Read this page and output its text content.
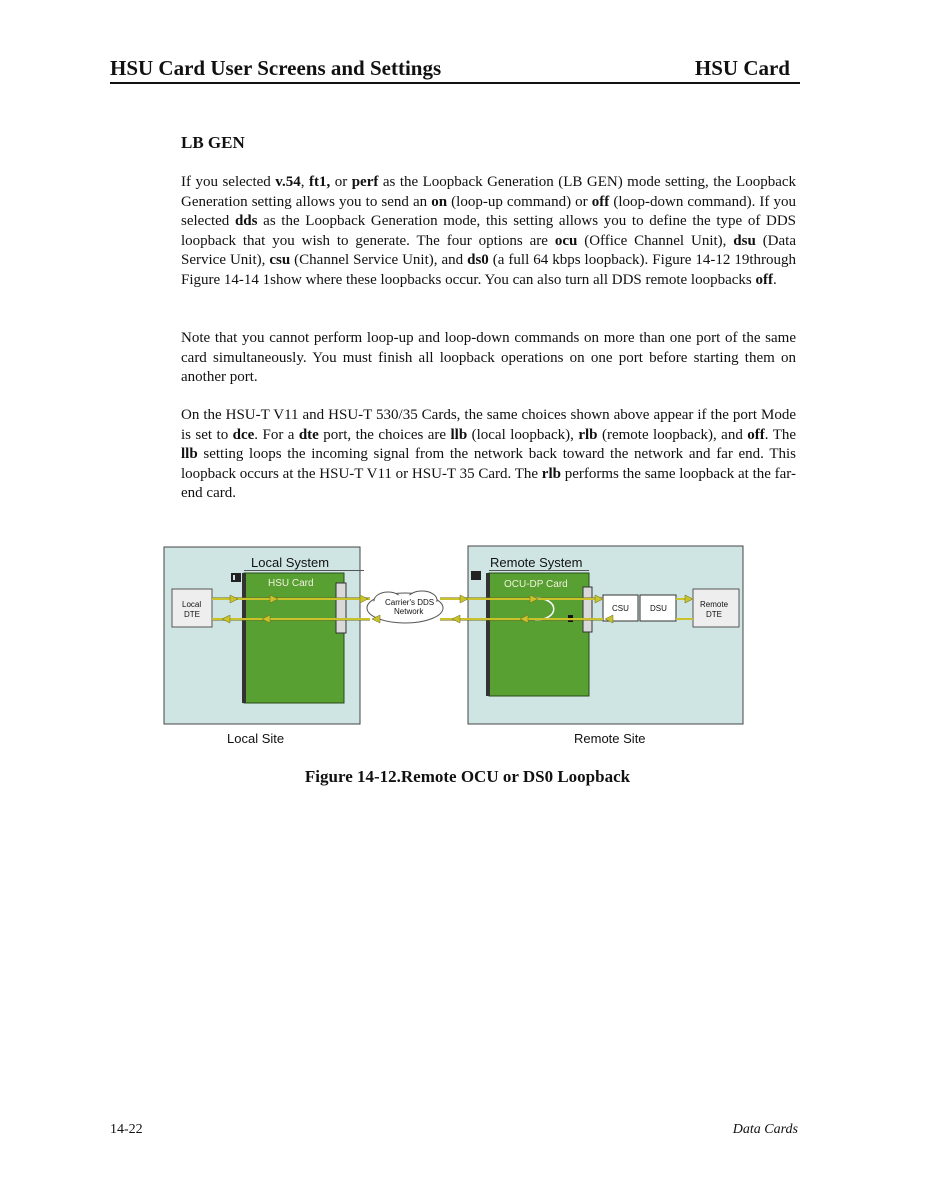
HSU Card User Screens and Settings	HSU Card
LB GEN
If you selected v.54, ft1, or perf as the Loopback Generation (LB GEN) mode setting, the Loopback Generation setting allows you to send an on (loop-up command) or off (loop-down command). If you selected dds as the Loopback Generation mode, this setting allows you to define the type of DDS loopback that you wish to generate. The four options are ocu (Office Channel Unit), dsu (Data Service Unit), csu (Channel Service Unit), and ds0 (a full 64 kbps loopback). Figure 14-12 19through Figure 14-14 1show where these loopbacks occur. You can also turn all DDS remote loopbacks off.
Note that you cannot perform loop-up and loop-down commands on more than one port of the same card simultaneously. You must finish all loopback operations on one port before starting them on another port.
On the HSU-T V11 and HSU-T 530/35 Cards, the same choices shown above appear if the port Mode is set to dce. For a dte port, the choices are llb (local loopback), rlb (remote loopback), and off. The llb setting loops the incoming signal from the network back toward the network and far end. This loopback occurs at the HSU-T V11 or HSU-T 35 Card. The rlb performs the same loopback at the far-end card.
Local System
HSU Card
Local
DTE
Carrier's DDS
Network
Remote System
OCU-DP Card
CSU	DSU	Remote
DTE
Local Site	Remote Site
Figure 14-12.Remote OCU or DS0 Loopback
14-22	Data Cards
